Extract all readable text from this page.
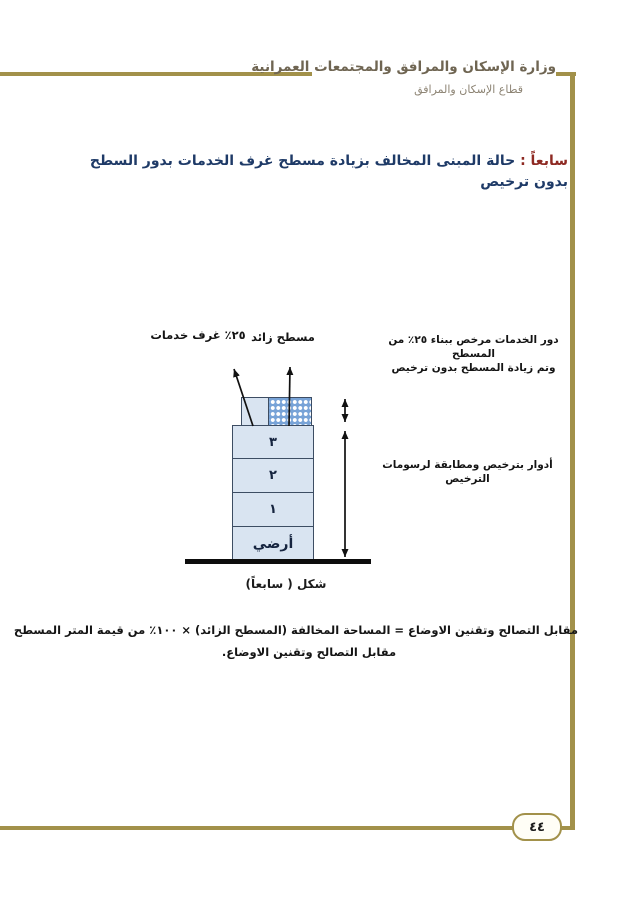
٤٤
وزارة الإسكان والمرافق والمجتمعات العمرانية
قطاع الإسكان والمرافق
سابعاً : حالة المبنى المخالف بزيادة مسطح غرف الخدمات بدور السطح بدون ترخيص
٢٥٪ غرف خدمات مسطح زائد	دور الخدمات مرخص ببناء ٢٥٪ من المسطح
وتم زيادة المسطح بدون ترخيص
أدوار بترخيص ومطابقة لرسومات الترخيص
٣
٢
١
أرضي
شكل ( سابعاً)
مقابل التصالح وتقنين الاوضاع = المساحة المخالفة (المسطح الزائد) × ١٠٠٪ من قيمة المتر المسطح
مقابل التصالح وتقنين الاوضاع.
